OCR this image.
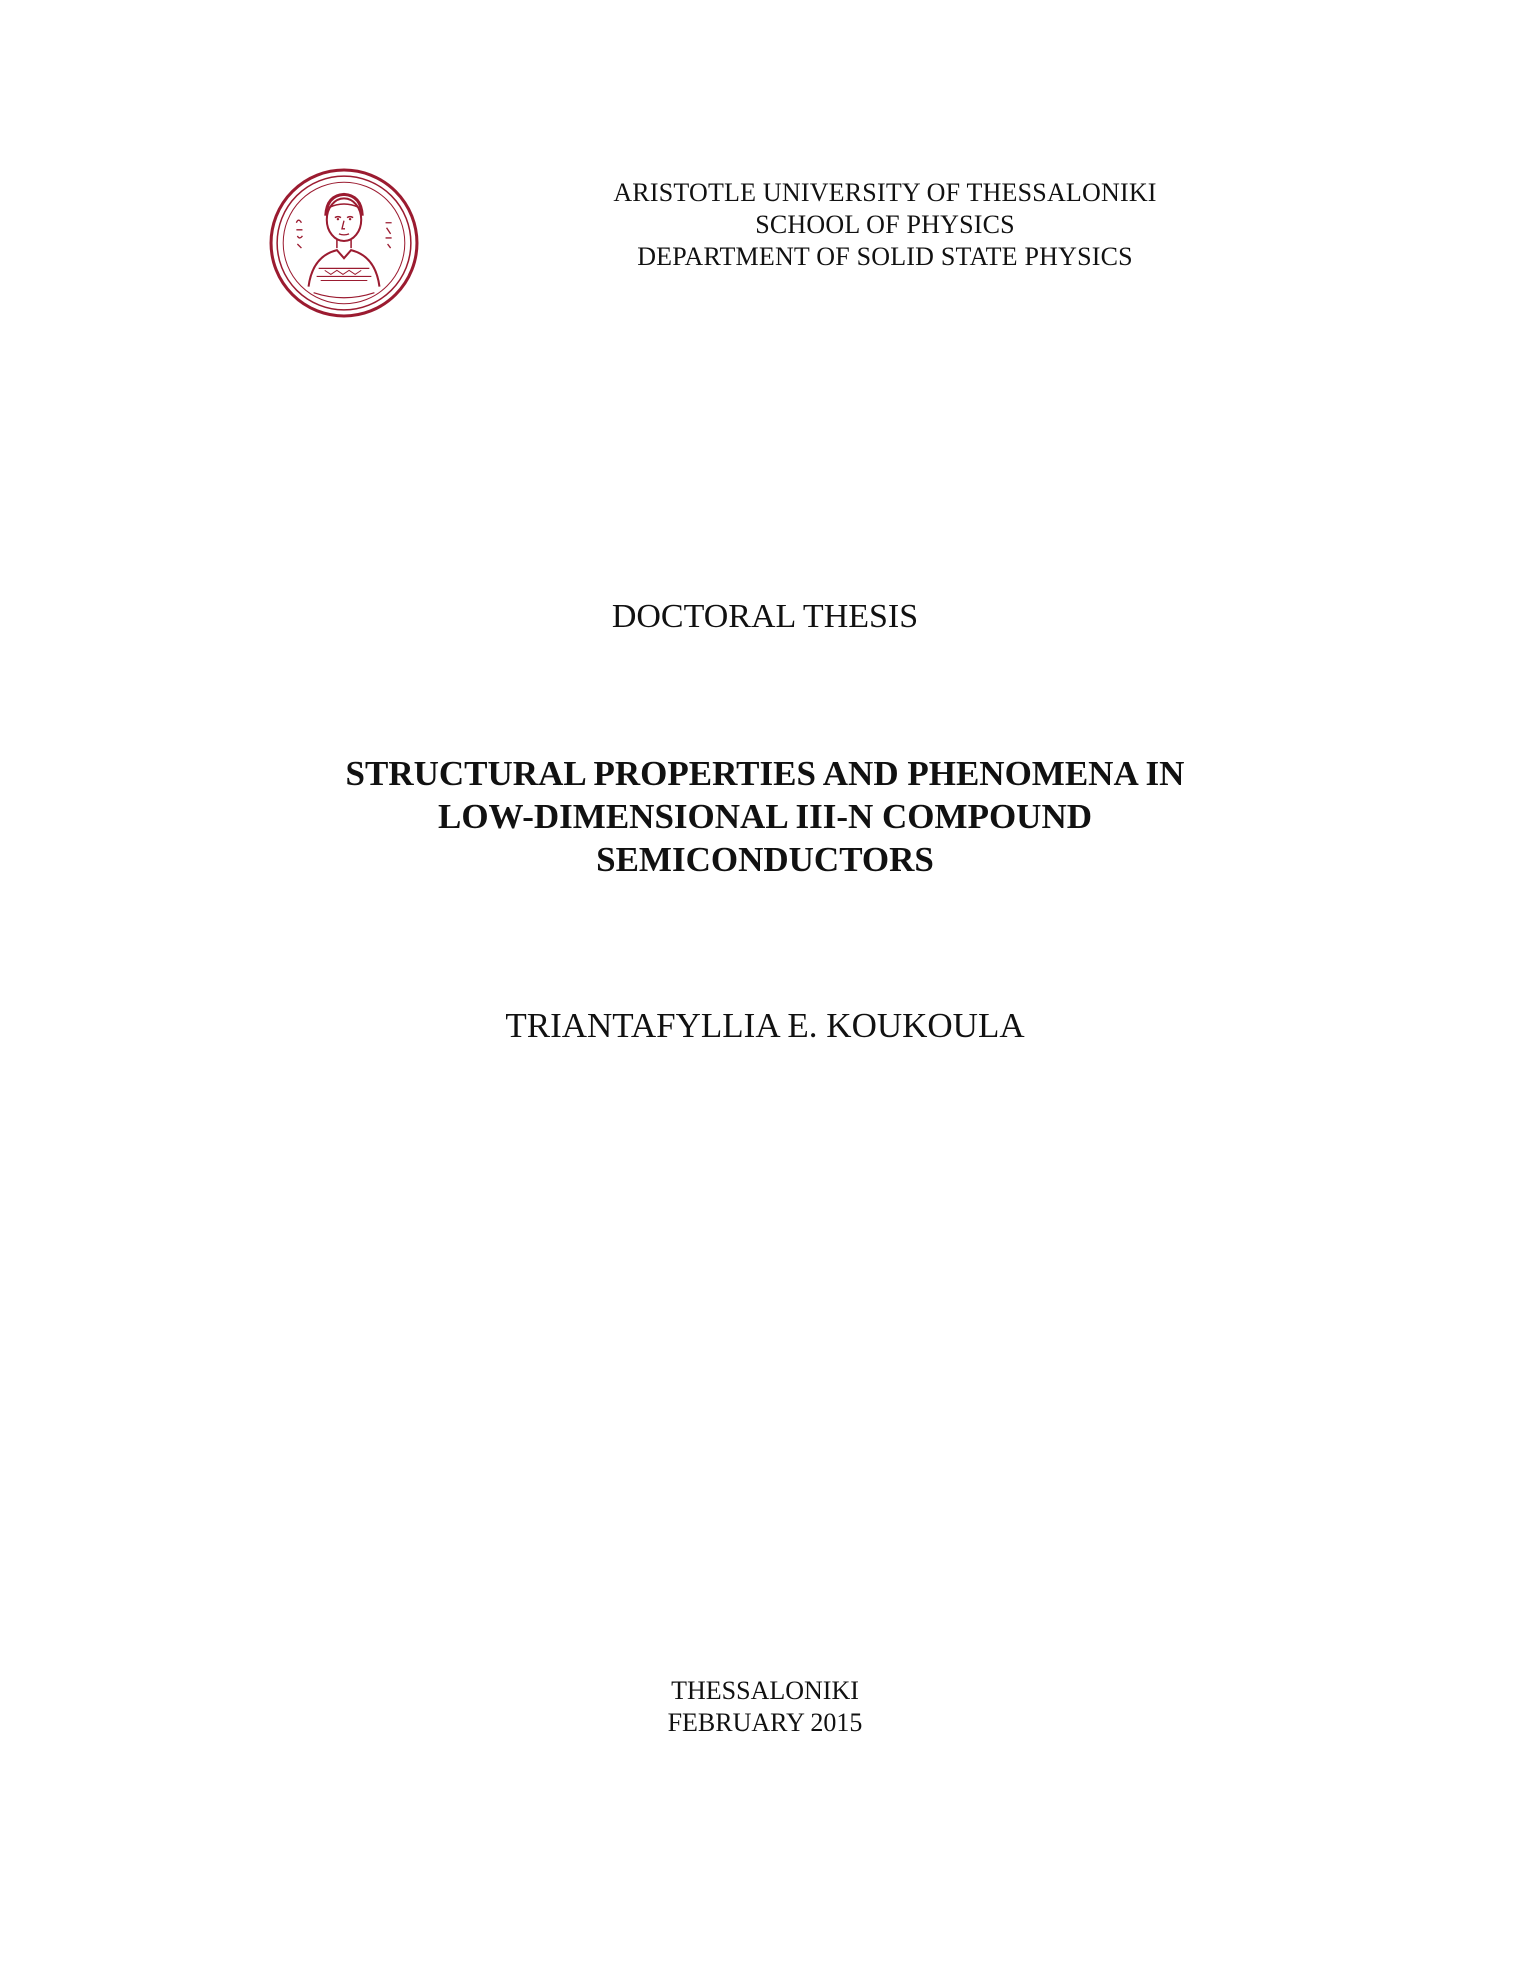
ARISTOTLE UNIVERSITY OF THESSALONIKI
SCHOOL OF PHYSICS
DEPARTMENT OF SOLID STATE PHYSICS
DOCTORAL THESIS
STRUCTURAL PROPERTIES AND PHENOMENA IN
LOW-DIMENSIONAL III-N COMPOUND
SEMICONDUCTORS
TRIANTAFYLLIA E. KOUKOULA
THESSALONIKI
FEBRUARY 2015
